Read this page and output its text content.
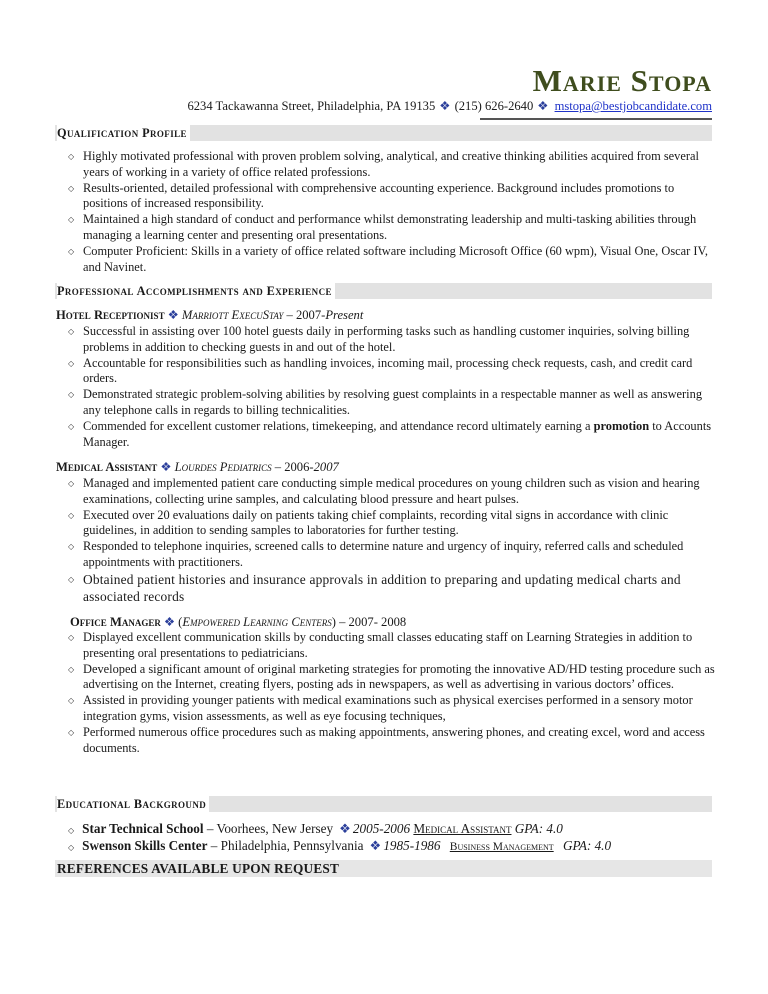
Marie Stopa
6234 Tackawanna Street, Philadelphia, PA 19135 ❖ (215) 626-2640 ❖ mstopa@bestjobcandidate.com
Qualification Profile
◇ Highly motivated professional with proven problem solving, analytical, and creative thinking abilities acquired from several years of working in a variety of office related professions.
◇ Results-oriented, detailed professional with comprehensive accounting experience. Background includes promotions to positions of increased responsibility.
◇ Maintained a high standard of conduct and performance whilst demonstrating leadership and multi-tasking abilities through managing a learning center and presenting oral presentations.
◇ Computer Proficient: Skills in a variety of office related software including Microsoft Office (60 wpm), Visual One, Oscar IV, and Navinet.
Professional Accomplishments and Experience
Hotel Receptionist ❖ Marriott ExecuStay – 2007-Present
◇ Successful in assisting over 100 hotel guests daily in performing tasks such as handling customer inquiries, solving billing problems in addition to checking guests in and out of the hotel.
◇ Accountable for responsibilities such as handling invoices, incoming mail, processing check requests, cash, and credit card orders.
◇ Demonstrated strategic problem-solving abilities by resolving guest complaints in a respectable manner as well as answering any telephone calls in regards to billing technicalities.
◇ Commended for excellent customer relations, timekeeping, and attendance record ultimately earning a promotion to Accounts Manager.
Medical Assistant ❖ Lourdes Pediatrics – 2006-2007
◇ Managed and implemented patient care conducting simple medical procedures on young children such as vision and hearing examinations, collecting urine samples, and calculating blood pressure and heart pulses.
◇ Executed over 20 evaluations daily on patients taking chief complaints, recording vital signs in accordance with clinic guidelines, in addition to sending samples to laboratories for further testing.
◇ Responded to telephone inquiries, screened calls to determine nature and urgency of inquiry, referred calls and scheduled appointments with practitioners.
◇ Obtained patient histories and insurance approvals in addition to preparing and updating medical charts and associated records
Office Manager ❖ (Empowered Learning Centers) – 2007- 2008
◇ Displayed excellent communication skills by conducting small classes educating staff on Learning Strategies in addition to presenting oral presentations to pediatricians.
◇ Developed a significant amount of original marketing strategies for promoting the innovative AD/HD testing procedure such as advertising on the Internet, creating flyers, posting ads in newspapers, as well as advertising in various doctors’ offices.
◇ Assisted in providing younger patients with medical examinations such as physical exercises performed in a sensory motor integration gyms, vision assessments, as well as eye focusing techniques,
◇ Performed numerous office procedures such as making appointments, answering phones, and creating excel, word and access documents.
Educational Background
◇ Star Technical School – Voorhees, New Jersey ❖ 2005-2006 Medical Assistant GPA: 4.0
◇ Swenson Skills Center – Philadelphia, Pennsylvania ❖ 1985-1986 Business Management GPA: 4.0
REFERENCES AVAILABLE UPON REQUEST
